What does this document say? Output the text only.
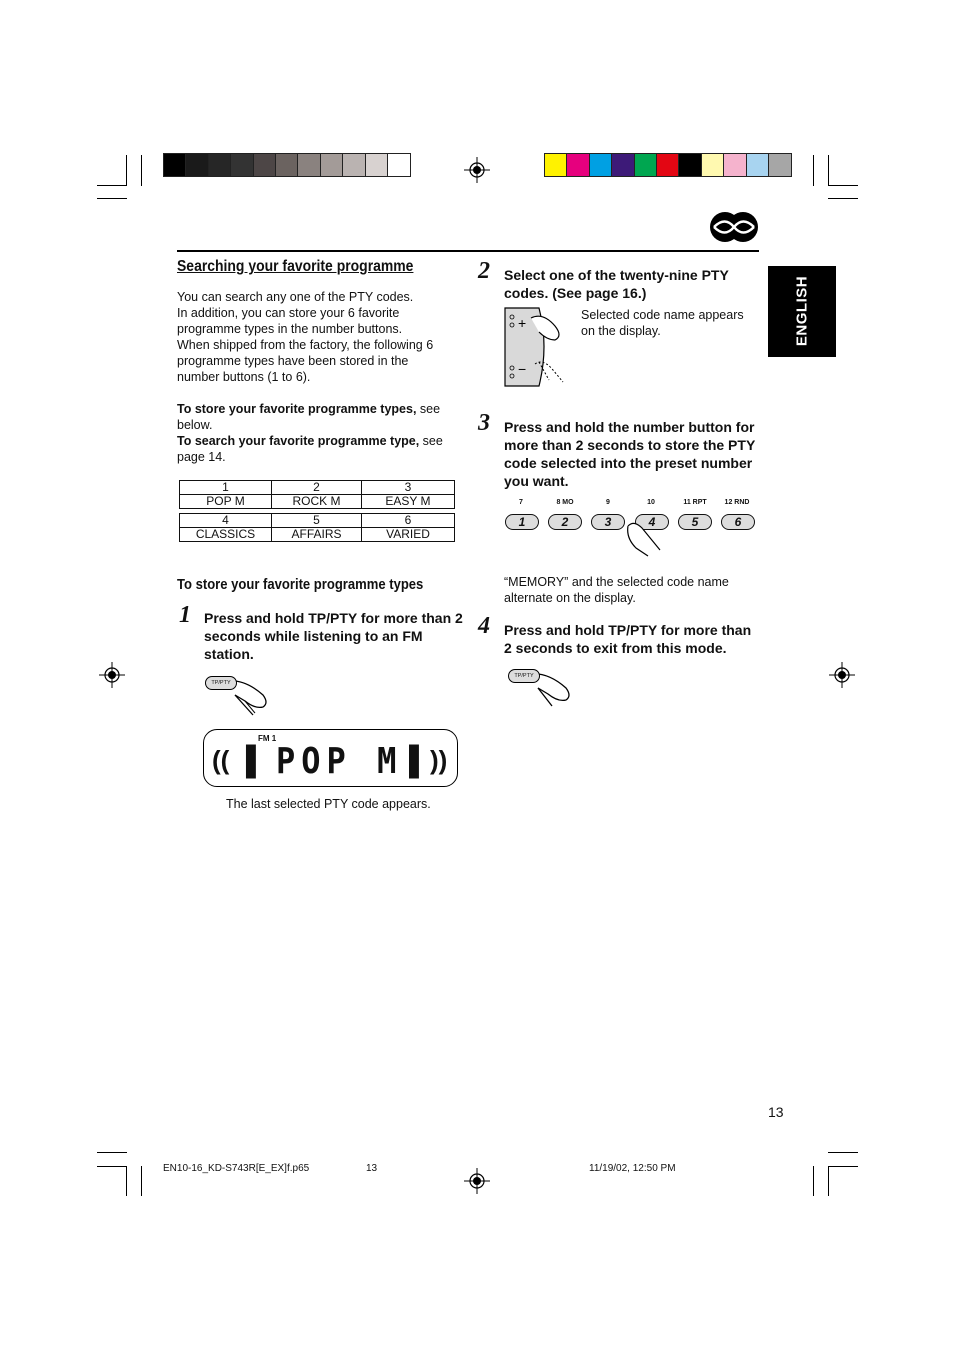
ENGLISH
Searching your favorite programme
You can search any one of the PTY codes.
In addition, you can store your 6 favorite
programme types in the number buttons.
When shipped from the factory, the following 6
programme types have been stored in the
number buttons (1 to 6).
To store your favorite programme types, see below.
To search your favorite programme type, see page 14.
1	2	3
POP M	ROCK M	EASY M
4	5	6
CLASSICS	AFFAIRS	VARIED
To store your favorite programme types
1 Press and hold TP/PTY for more than 2 seconds while listening to an FM station.
TP/PTY
FM 1
(( ▐ POP M ▌ ))
The last selected PTY code appears.
2 Select one of the twenty-nine PTY codes. (See page 16.)
+
−
Selected code name appears
on the display.
3 Press and hold the number button for more than 2 seconds to store the PTY code selected into the preset number you want.
7	8 MO	9	10	11 RPT	12 RND
1	2	3	4	5	6
“MEMORY” and the selected code name
alternate on the display.
4 Press and hold TP/PTY for more than 2 seconds to exit from this mode.
TP/PTY
13
EN10-16_KD-S743R[E_EX]f.p65	13	11/19/02, 12:50 PM
